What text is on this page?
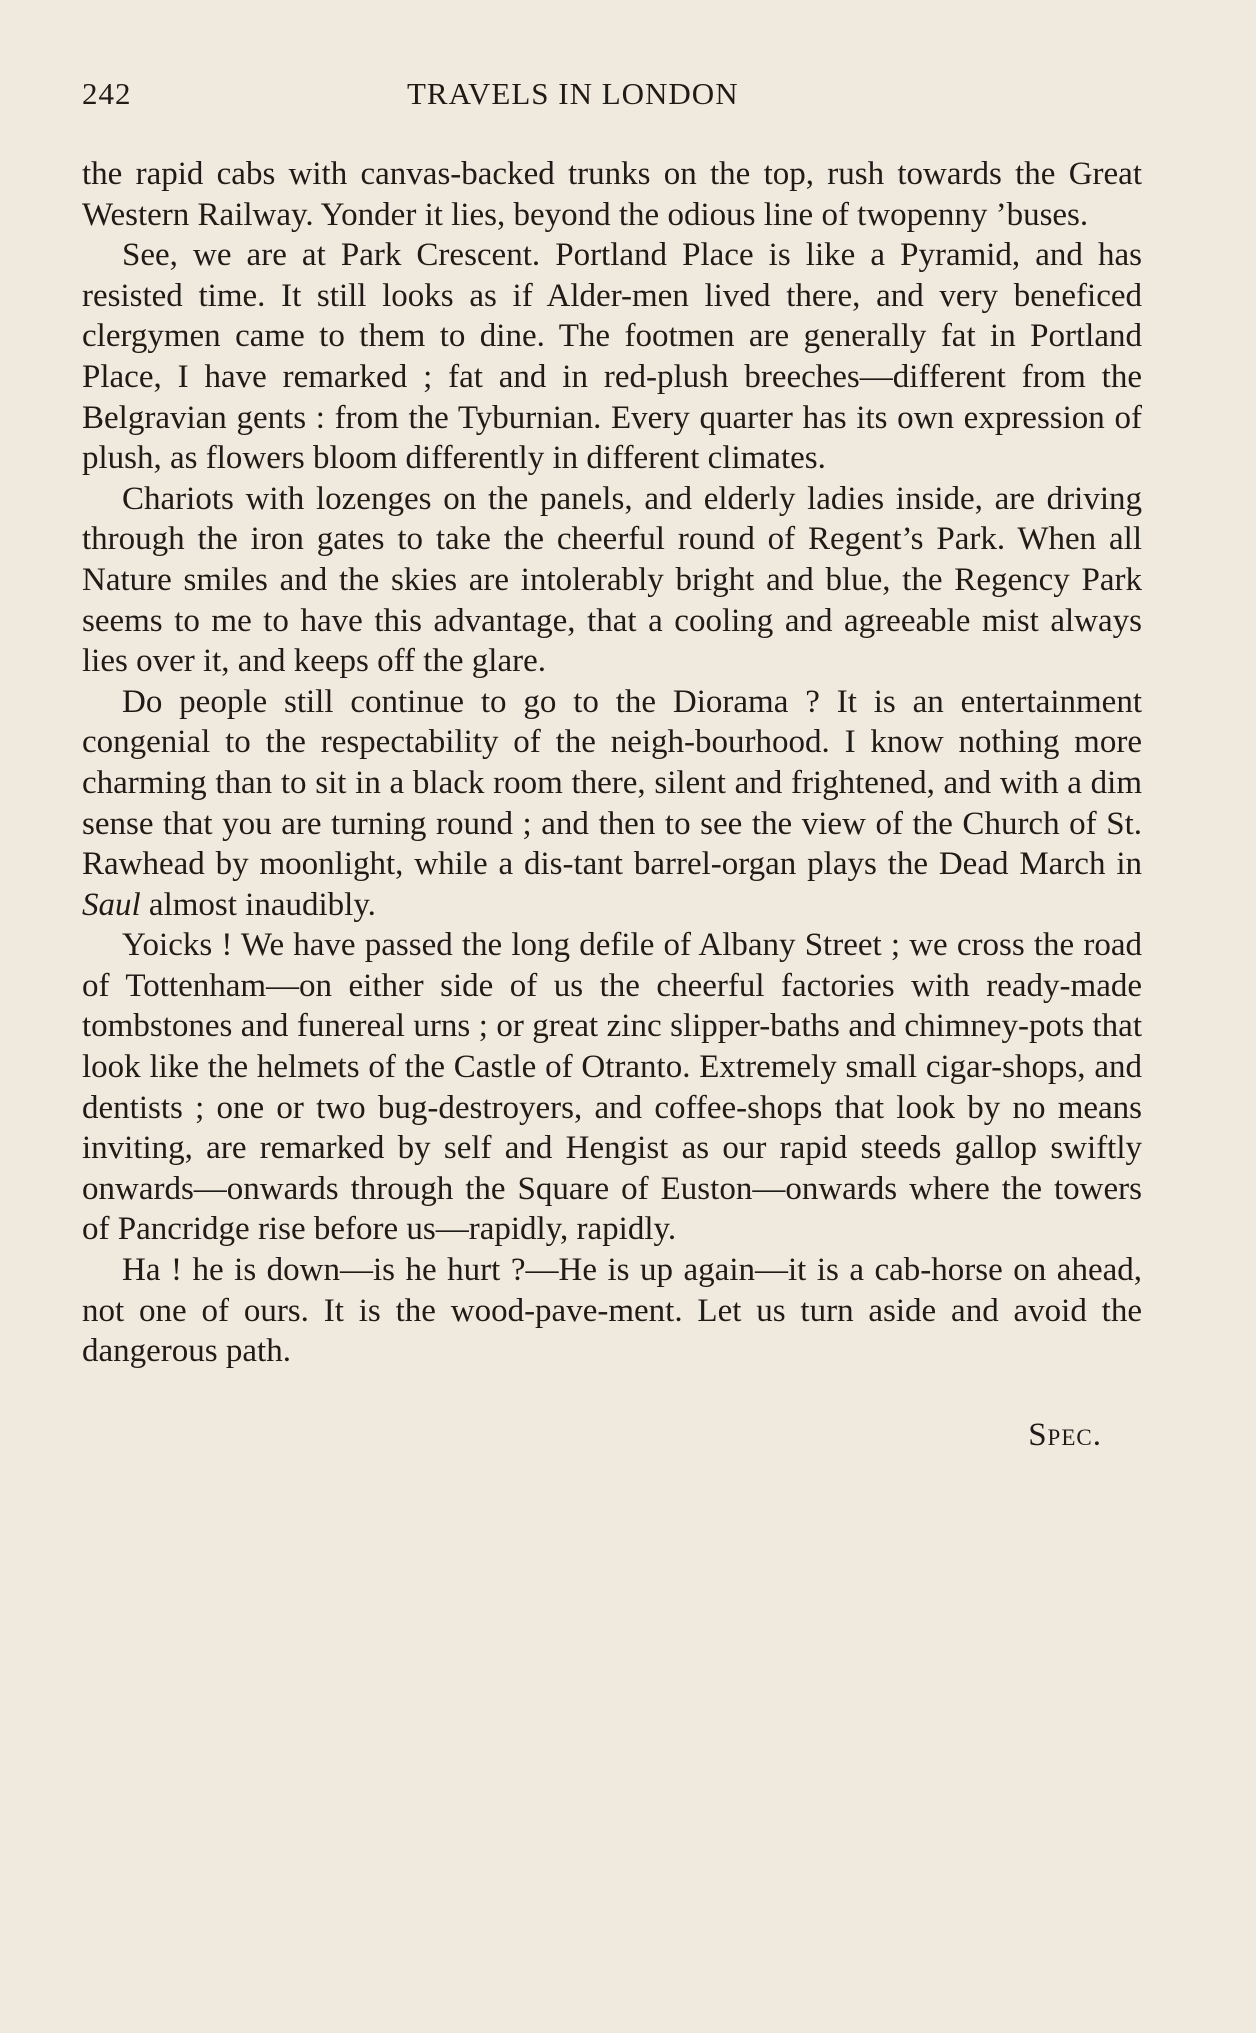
242	TRAVELS IN LONDON

the rapid cabs with canvas-backed trunks on the top, rush towards the Great Western Railway. Yonder it lies, beyond the odious line of twopenny ’buses.

See, we are at Park Crescent. Portland Place is like a Pyramid, and has resisted time. It still looks as if Alder-men lived there, and very beneficed clergymen came to them to dine. The footmen are generally fat in Portland Place, I have remarked ; fat and in red-plush breeches—different from the Belgravian gents : from the Tyburnian. Every quarter has its own expression of plush, as flowers bloom differently in different climates.

Chariots with lozenges on the panels, and elderly ladies inside, are driving through the iron gates to take the cheerful round of Regent’s Park. When all Nature smiles and the skies are intolerably bright and blue, the Regency Park seems to me to have this advantage, that a cooling and agreeable mist always lies over it, and keeps off the glare.

Do people still continue to go to the Diorama ? It is an entertainment congenial to the respectability of the neigh-bourhood. I know nothing more charming than to sit in a black room there, silent and frightened, and with a dim sense that you are turning round ; and then to see the view of the Church of St. Rawhead by moonlight, while a dis-tant barrel-organ plays the Dead March in Saul almost inaudibly.

Yoicks ! We have passed the long defile of Albany Street ; we cross the road of Tottenham—on either side of us the cheerful factories with ready-made tombstones and funereal urns ; or great zinc slipper-baths and chimney-pots that look like the helmets of the Castle of Otranto. Extremely small cigar-shops, and dentists ; one or two bug-destroyers, and coffee-shops that look by no means inviting, are remarked by self and Hengist as our rapid steeds gallop swiftly onwards—onwards through the Square of Euston—onwards where the towers of Pancridge rise before us—rapidly, rapidly.

Ha ! he is down—is he hurt ?—He is up again—it is a cab-horse on ahead, not one of ours. It is the wood-pave-ment. Let us turn aside and avoid the dangerous path.

Spec.
